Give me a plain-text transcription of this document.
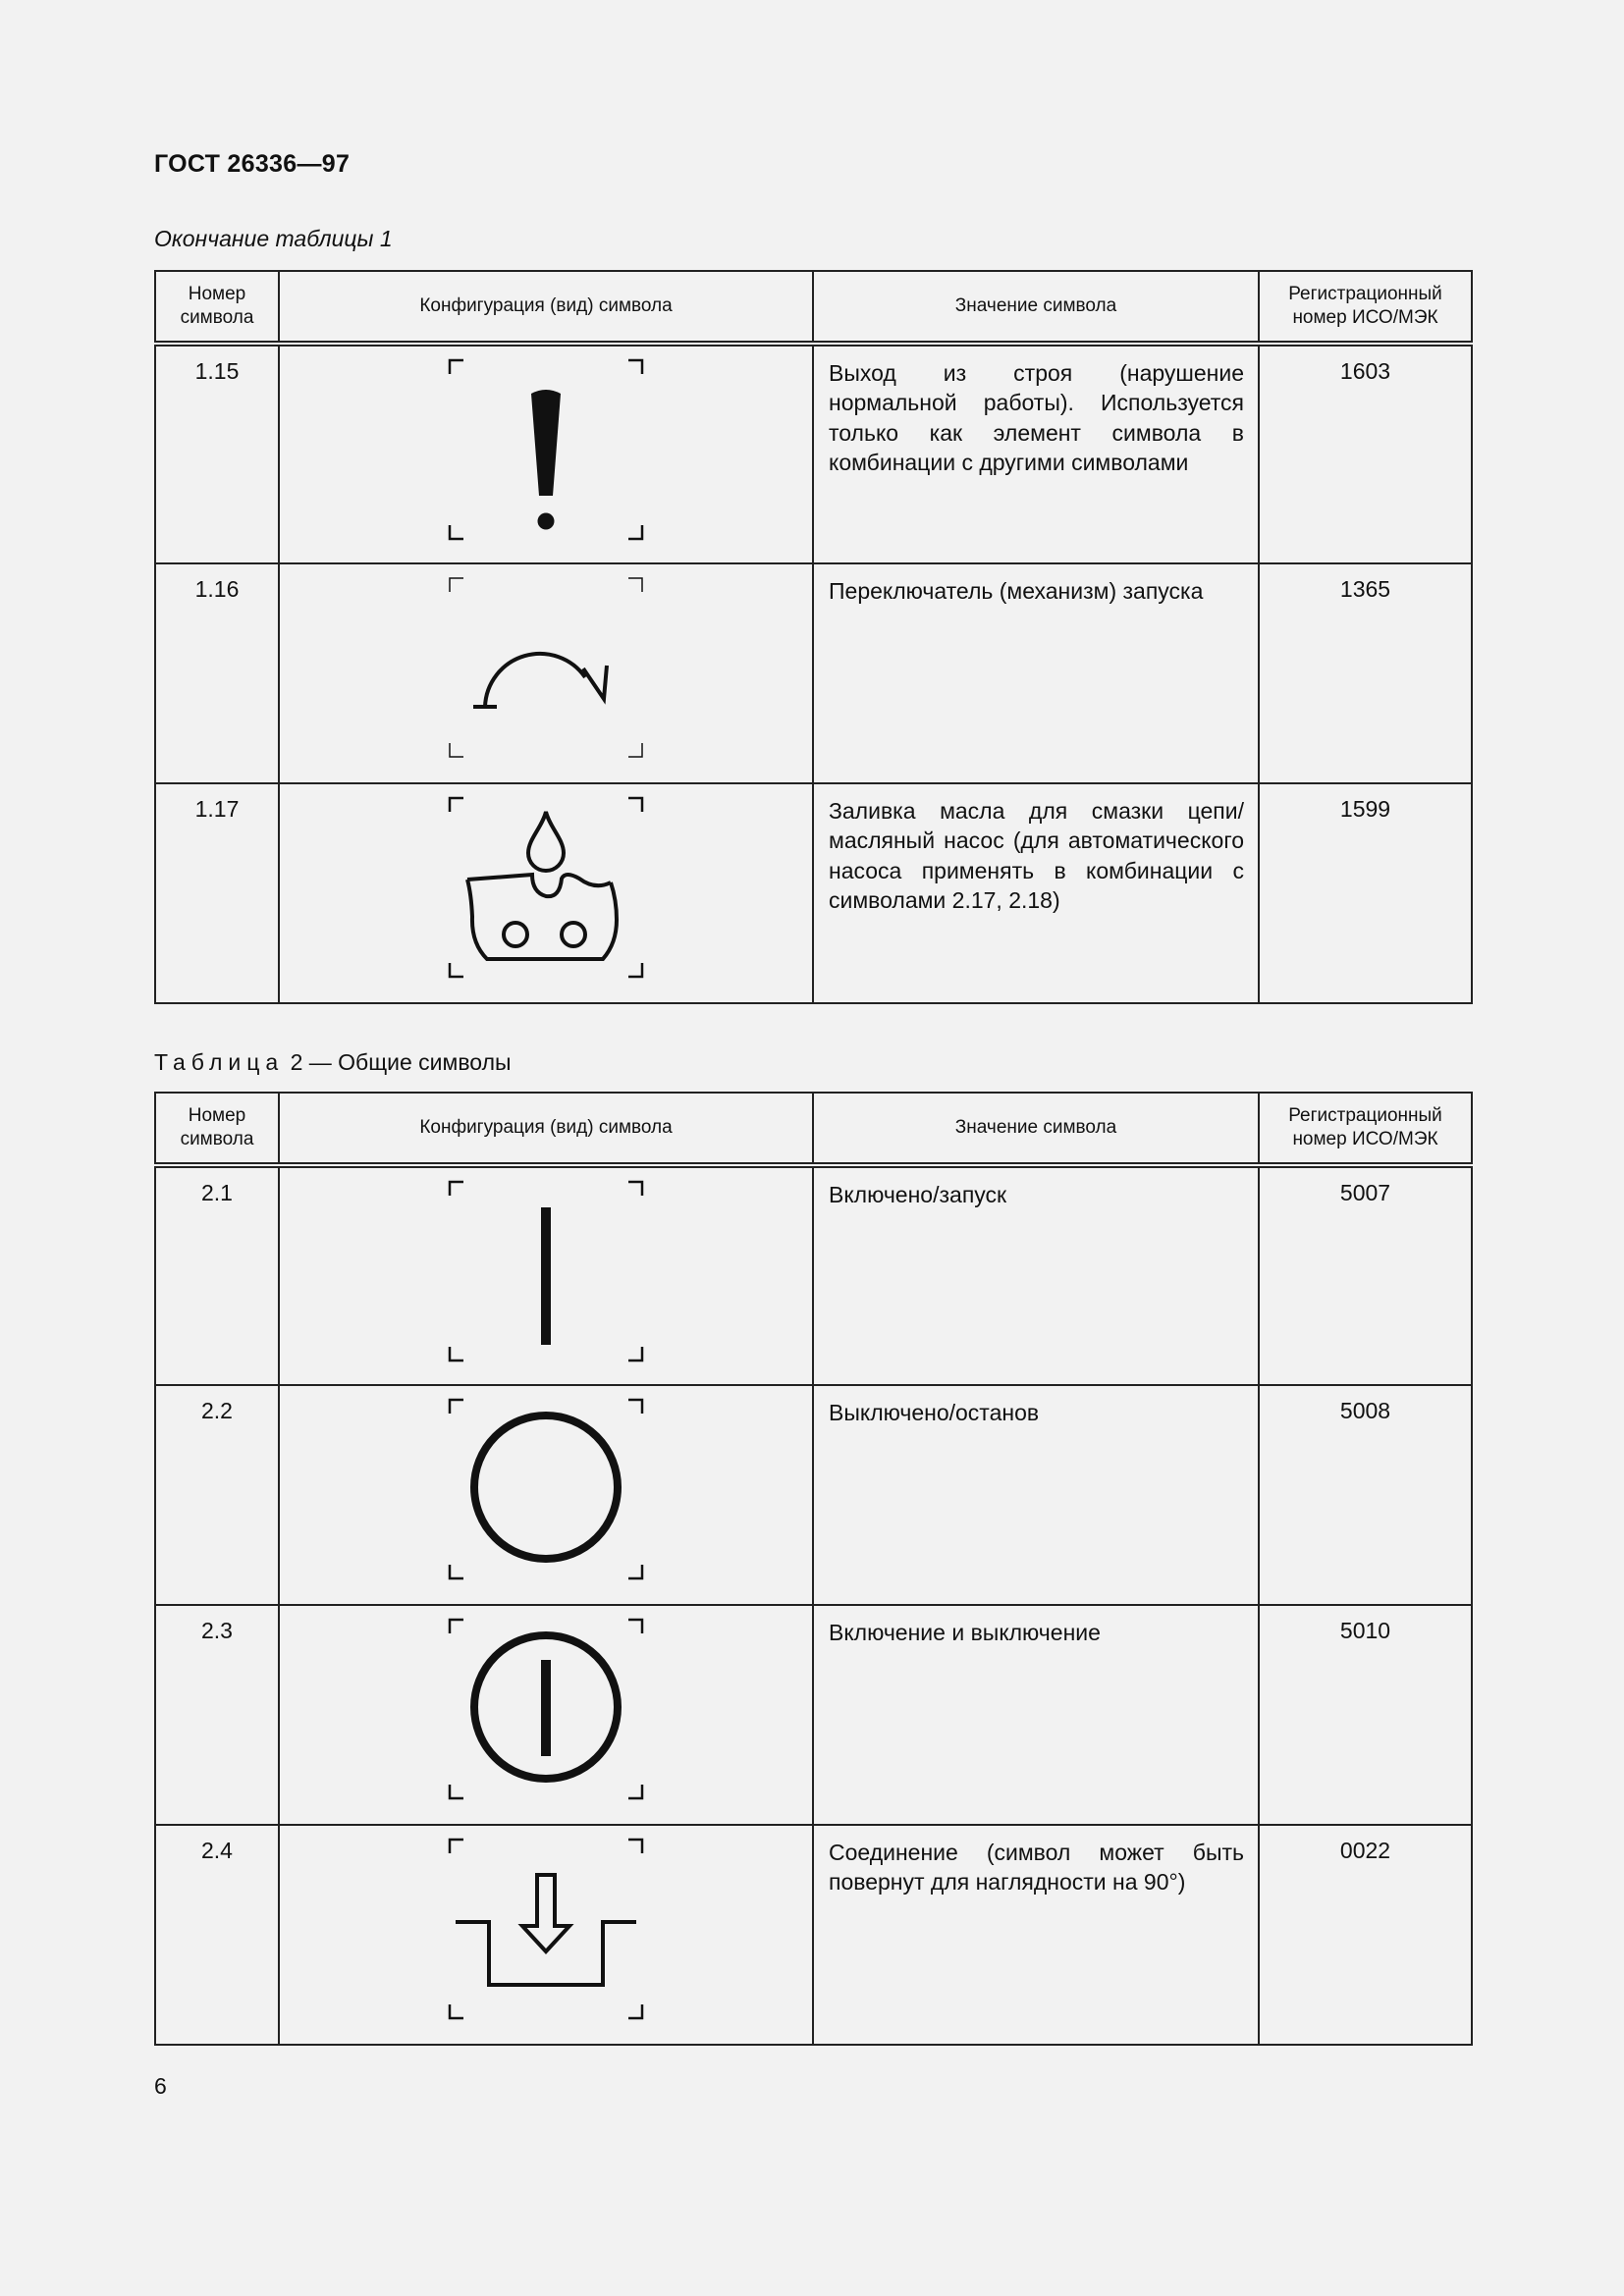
ГОСТ 26336—97
Окончание таблицы 1
Номер символа	Конфигурация (вид) символа	Значение символа	Регистрационный номер ИСО/МЭК
1.15		Выход из строя (нарушение нормальной работы). Используется только как элемент символа в комбинации с другими символами	1603
1.16		Переключатель (механизм) запуска	1365
1.17		Заливка масла для смазки цепи/масляный насос (для автоматического насоса применять в комбинации с символами 2.17, 2.18)	1599
Таблица 2 — Общие символы
Номер символа	Конфигурация (вид) символа	Значение символа	Регистрационный номер ИСО/МЭК
2.1		Включено/запуск	5007
2.2		Выключено/останов	5008
2.3		Включение и выключение	5010
2.4		Соединение (символ может быть повернут для наглядности на 90°)	0022
6
